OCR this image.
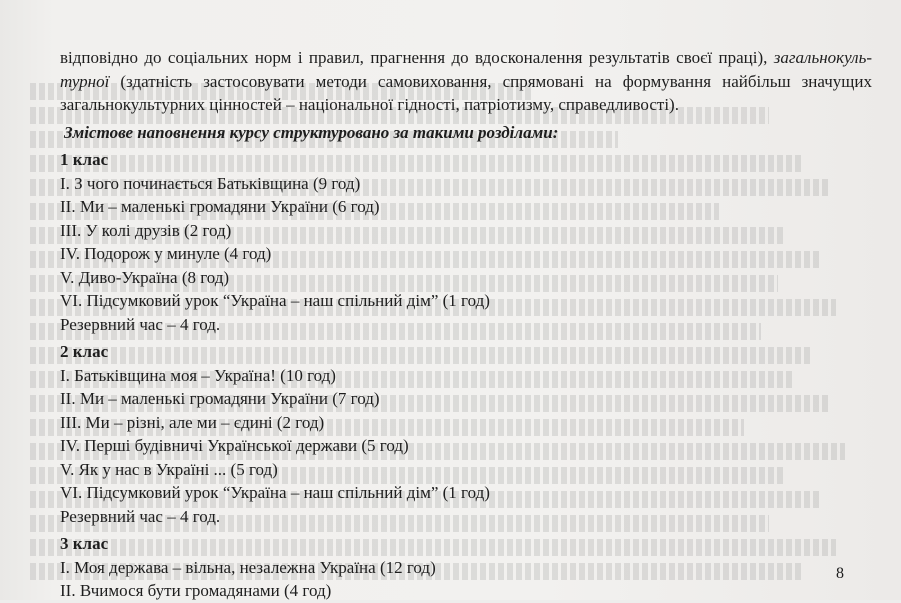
відповідно до соціальних норм і правил, прагнення до вдосконалення результатів своєї праці), загальнокуль-турної (здатність застосовувати методи самовиховання, спрямовані на формування найбільш значущих загальнокультурних цінностей – національної гідності, патріотизму, справедливості).

Змістове наповнення курсу структуровано за такими розділами:

1 клас

I. З чого починається Батьківщина (9 год)

II. Ми – маленькі громадяни України (6 год)

III. У колі друзів (2 год)

IV. Подорож у минуле (4 год)

V. Диво-Україна (8 год)

VI. Підсумковий урок “Україна – наш спільний дім” (1 год)

Резервний час – 4 год.

2 клас

I. Батьківщина моя – Україна! (10 год)

II. Ми – маленькі громадяни України (7 год)

III. Ми – різні, але ми – єдині (2 год)

IV. Перші будівничі Української держави (5 год)

V. Як у нас в Україні ... (5 год)

VI. Підсумковий урок “Україна – наш спільний дім” (1 год)

Резервний час – 4 год.

3 клас

I. Моя держава – вільна, незалежна Україна (12 год)

II. Вчимося бути громадянами (4 год)

8
